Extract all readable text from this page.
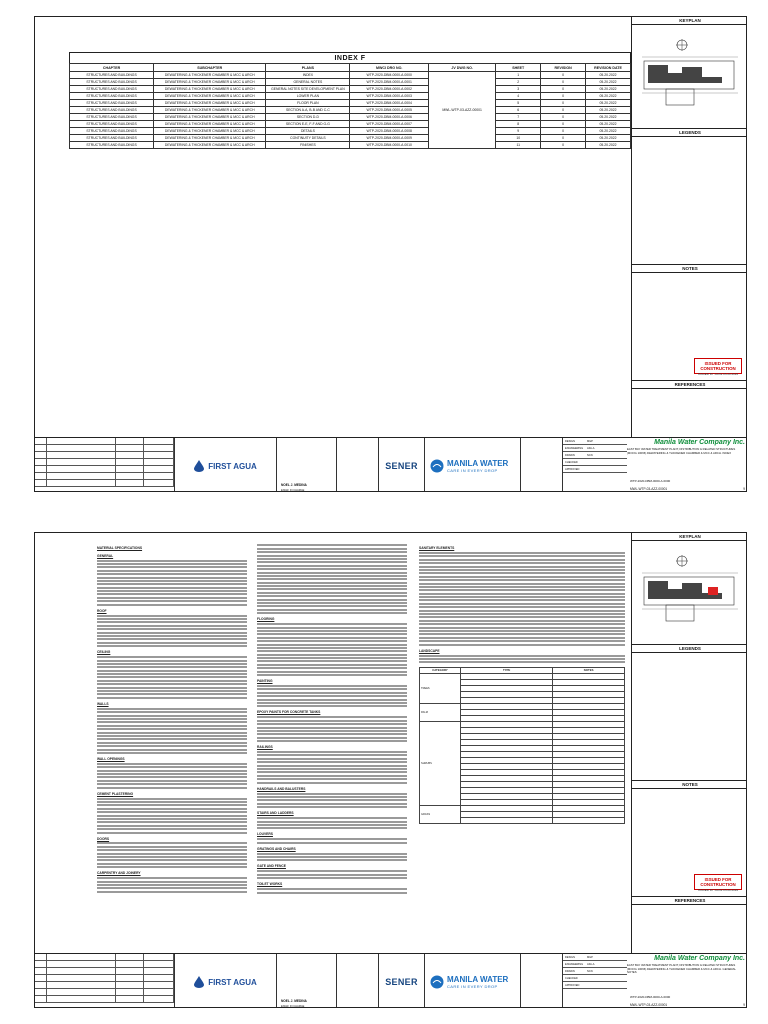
INDEX F
CHAPTER	SUBCHAPTER	PLANS	MWCI DRG NO.	JV DWG NO.	SHEET	REVISION	REVISION DATE
STRUCTURES AND BUILDINGS	DEWATERING & THICKENER CHAMBER & MCC & ARCH	INDEX	WTP-2020-DBM-0000-A.0000	MWL-WTP-03-AZZ-00001	1	0	05.20.2022
STRUCTURES AND BUILDINGS	DEWATERING & THICKENER CHAMBER & MCC & ARCH	GENERAL NOTES	WTP-2020-DBM-0000-A.0001		2	0	05.20.2022
STRUCTURES AND BUILDINGS	DEWATERING & THICKENER CHAMBER & MCC & ARCH	GENERAL NOTES SITE DEVELOPMENT PLAN	WTP-2020-DBM-0000-A.0002		3	0	05.20.2022
STRUCTURES AND BUILDINGS	DEWATERING & THICKENER CHAMBER & MCC & ARCH	LOWER PLAN	WTP-2020-DBM-0000-A.0003		4	0	05.20.2022
STRUCTURES AND BUILDINGS	DEWATERING & THICKENER CHAMBER & MCC & ARCH	FLOOR PLAN	WTP-2020-DBM-0000-A.0004		5	0	05.20.2022
STRUCTURES AND BUILDINGS	DEWATERING & THICKENER CHAMBER & MCC & ARCH	SECTION A-A, B-B AND C-C	WTP-2020-DBM-0000-A.0005		6	0	05.20.2022
STRUCTURES AND BUILDINGS	DEWATERING & THICKENER CHAMBER & MCC & ARCH	SECTION D-D	WTP-2020-DBM-0000-A.0006		7	0	05.20.2022
STRUCTURES AND BUILDINGS	DEWATERING & THICKENER CHAMBER & MCC & ARCH	SECTION E-E, F-F AND G-G	WTP-2020-DBM-0000-A.0007		8	0	05.20.2022
STRUCTURES AND BUILDINGS	DEWATERING & THICKENER CHAMBER & MCC & ARCH	DETAILS	WTP-2020-DBM-0000-A.0008		9	0	05.20.2022
STRUCTURES AND BUILDINGS	DEWATERING & THICKENER CHAMBER & MCC & ARCH	CONTINUITY DETAILS	WTP-2020-DBM-0000-A.0009		10	0	05.20.2022
STRUCTURES AND BUILDINGS	DEWATERING & THICKENER CHAMBER & MCC & ARCH	FINISHES	WTP-2020-DBM-0000-A.0010		11	0	05.20.2022
KEYPLAN
LEGENDS
NOTES
ISSUED FOR CONSTRUCTION
ISSUED BY DATE 05.20.2022
REFERENCES
FIRST AGUA
NOEL J. MEDINA
ENGR. IN CHARGE
SENER	MANILA WATER
CARE IN EVERY DROP
Manila Water Company Inc.
DESIGN	MGP
ENGINEERING	AFA-A
DRAWN	NCN
CHECKED
APPROVED
EAST BAY WATER TREATMENT PLANT, DISTRIBUTION & RELATED STRUCTURES (MOOG 10066) DEWATERING & THICKENER CHAMBER & MCC & ARCH. INDEX
MWL-WTP-03-AZZ-00001	9
WTP-2020-DBM-0000-A.0000
MATERIAL SPECIFICATIONS
GENERAL
ROOF
CEILING
WALLS
WALL OPENINGS
CEMENT PLASTERING
DOORS
CARPENTRY AND JOINERY
FLOORING
PAINTING
EPOXY PAINTS FOR CONCRETE TANKS
RAILINGS
HANDRAILS AND BALUSTERS
STAIRS AND LADDERS
LOUVERS
GRATINGS AND CHAIRS
GATE AND FENCE
TOILET WORKS
SANITARY ELEMENTS
LANDSCAPE
CATEGORY	TYPE	NOTES
TREES		

PALM		

SHRUBS		

GRASS		

KEYPLAN
LEGENDS
NOTES
ISSUED FOR CONSTRUCTION
ISSUED BY DATE 05.20.2022
REFERENCES
FIRST AGUA
NOEL J. MEDINA
ENGR. IN CHARGE
SENER	MANILA WATER
CARE IN EVERY DROP
Manila Water Company Inc.
DESIGN	MGP
ENGINEERING	AFA-A
DRAWN	NCN
CHECKED
APPROVED
EAST BAY WATER TREATMENT PLANT, DISTRIBUTION & RELATED STRUCTURES (MOOG 10066) DEWATERING & THICKENER CHAMBER & MCC & ARCH. GENERAL NOTES
MWL-WTP-03-AZZ-00001	9
WTP-2020-DBM-0000-A.0000
